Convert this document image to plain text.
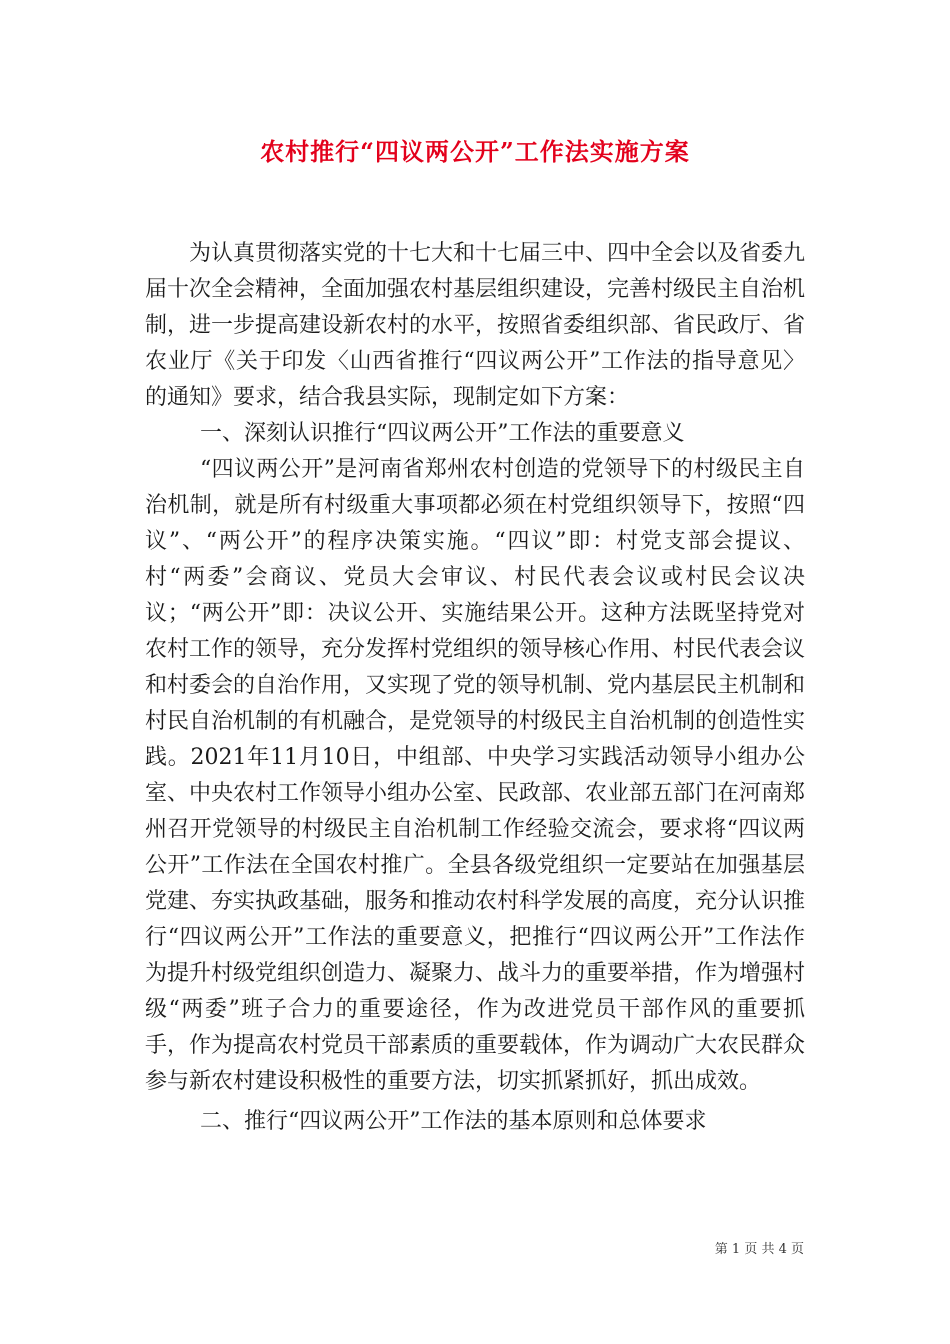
农村推行“四议两公开”工作法实施方案

为认真贯彻落实党的十七大和十七届三中、四中全会以及省委九届十次全会精神，全面加强农村基层组织建设，完善村级民主自治机制，进一步提高建设新农村的水平，按照省委组织部、省民政厅、省农业厅《关于印发〈山西省推行“四议两公开”工作法的指导意见〉的通知》要求，结合我县实际，现制定如下方案：

一、深刻认识推行“四议两公开”工作法的重要意义

“四议两公开”是河南省郑州农村创造的党领导下的村级民主自治机制，就是所有村级重大事项都必须在村党组织领导下，按照“四议”、“两公开”的程序决策实施。“四议”即：村党支部会提议、村“两委”会商议、党员大会审议、村民代表会议或村民会议决议；“两公开”即：决议公开、实施结果公开。这种方法既坚持党对农村工作的领导，充分发挥村党组织的领导核心作用、村民代表会议和村委会的自治作用，又实现了党的领导机制、党内基层民主机制和村民自治机制的有机融合，是党领导的村级民主自治机制的创造性实践。2021年11月10日，中组部、中央学习实践活动领导小组办公室、中央农村工作领导小组办公室、民政部、农业部五部门在河南郑州召开党领导的村级民主自治机制工作经验交流会，要求将“四议两公开”工作法在全国农村推广。全县各级党组织一定要站在加强基层党建、夯实执政基础，服务和推动农村科学发展的高度，充分认识推行“四议两公开”工作法的重要意义，把推行“四议两公开”工作法作为提升村级党组织创造力、凝聚力、战斗力的重要举措，作为增强村级“两委”班子合力的重要途径，作为改进党员干部作风的重要抓手，作为提高农村党员干部素质的重要载体，作为调动广大农民群众参与新农村建设积极性的重要方法，切实抓紧抓好，抓出成效。

二、推行“四议两公开”工作法的基本原则和总体要求

第 1 页 共 4 页
